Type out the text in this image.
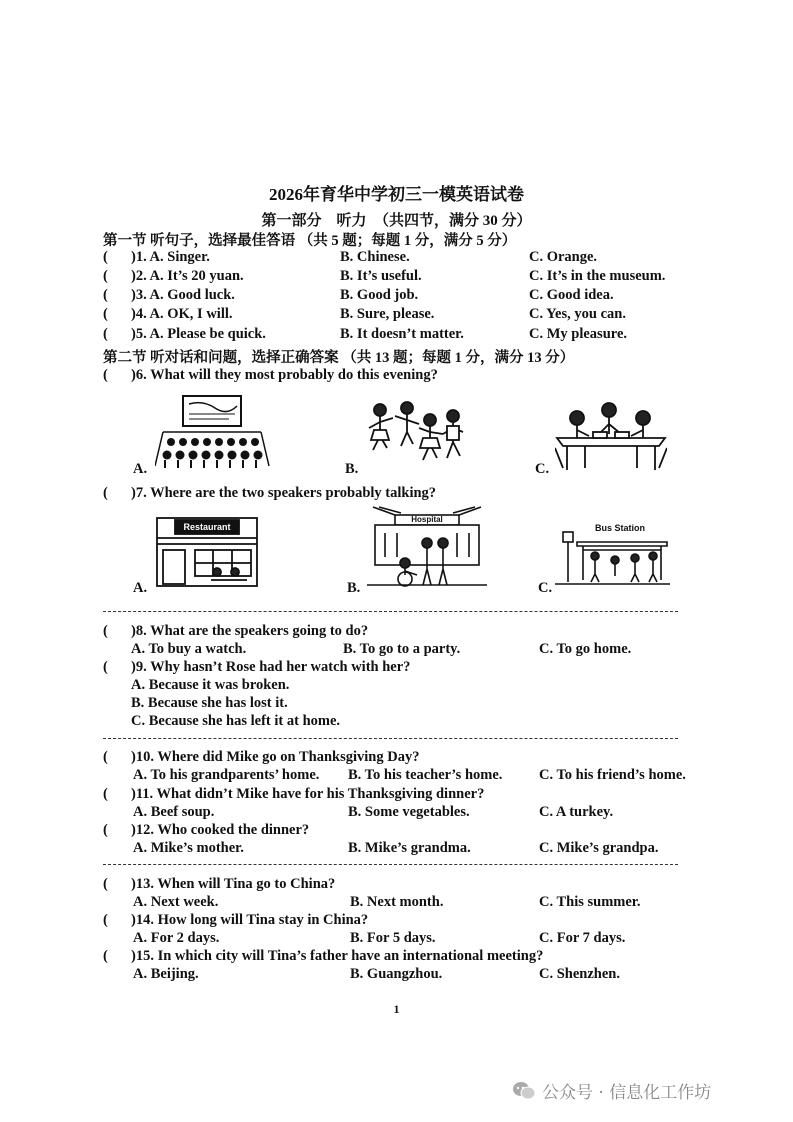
2026年育华中学初三一模英语试卷
第一部分　听力　（共四节，满分 30 分）
第一节 听句子，选择最佳答语 （共 5 题；每题 1 分，满分 5 分）
( )1. A. Singer.	B. Chinese.	C. Orange.
( )2. A. It’s 20 yuan.	B. It’s useful.	C. It’s in the museum.
( )3. A. Good luck.	B. Good job.	C. Good idea.
( )4. A. OK, I will.	B. Sure, please.	C. Yes, you can.
( )5. A. Please be quick.	B. It doesn’t matter.	C. My pleasure.
第二节 听对话和问题，选择正确答案 （共 13 题；每题 1 分，满分 13 分）
( )6. What will they most probably do this evening?
A.	B.	C.
( )7. Where are the two speakers probably talking?
Restaurant
A.
Hospital
B.
Bus Station
C.
( )8. What are the speakers going to do?
A. To buy a watch.	B. To go to a party.	C. To go home.
( )9. Why hasn’t Rose had her watch with her?
A. Because it was broken.
B. Because she has lost it.
C. Because she has left it at home.
( )10. Where did Mike go on Thanksgiving Day?
A. To his grandparents’ home. B. To his teacher’s home.	C. To his friend’s home.
( )11. What didn’t Mike have for his Thanksgiving dinner?
A. Beef soup.	B. Some vegetables.	C. A turkey.
( )12. Who cooked the dinner?
A. Mike’s mother.	B. Mike’s grandma.	C. Mike’s grandpa.
( )13. When will Tina go to China?
A. Next week.	B. Next month.	C. This summer.
( )14. How long will Tina stay in China?
A. For 2 days.	B. For 5 days.	C. For 7 days.
( )15. In which city will Tina’s father have an international meeting?
A. Beijing.	B. Guangzhou.	C. Shenzhen.
1
公众号 · 信息化工作坊
